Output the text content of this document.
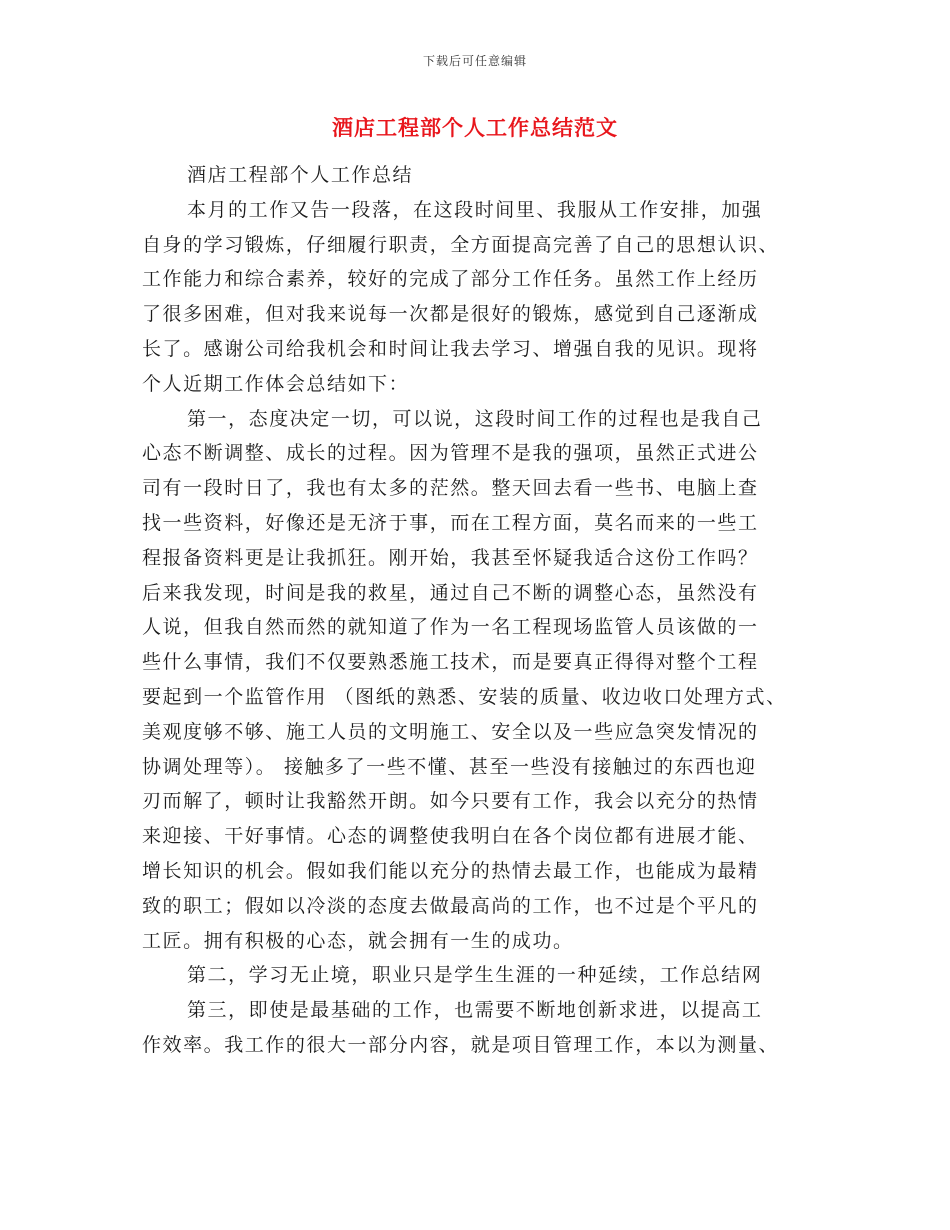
下载后可任意编辑
酒店工程部个人工作总结范文
酒店工程部个人工作总结
本月的工作又告一段落，在这段时间里、我服从工作安排，加强
自身的学习锻炼，仔细履行职责，全方面提高完善了自己的思想认识、
工作能力和综合素养，较好的完成了部分工作任务。虽然工作上经历
了很多困难，但对我来说每一次都是很好的锻炼，感觉到自己逐渐成
长了。感谢公司给我机会和时间让我去学习、增强自我的见识。现将
个人近期工作体会总结如下：
第一，态度决定一切，可以说，这段时间工作的过程也是我自己
心态不断调整、成长的过程。因为管理不是我的强项，虽然正式进公
司有一段时日了，我也有太多的茫然。整天回去看一些书、电脑上查
找一些资料，好像还是无济于事，而在工程方面，莫名而来的一些工
程报备资料更是让我抓狂。刚开始，我甚至怀疑我适合这份工作吗？
后来我发现，时间是我的救星，通过自己不断的调整心态，虽然没有
人说，但我自然而然的就知道了作为一名工程现场监管人员该做的一
些什么事情，我们不仅要熟悉施工技术，而是要真正得得对整个工程
要起到一个监管作用 （图纸的熟悉、安装的质量、收边收口处理方式、
美观度够不够、施工人员的文明施工、安全以及一些应急突发情况的
协调处理等）。 接触多了一些不懂、甚至一些没有接触过的东西也迎
刃而解了，顿时让我豁然开朗。如今只要有工作，我会以充分的热情
来迎接、干好事情。心态的调整使我明白在各个岗位都有进展才能、
增长知识的机会。假如我们能以充分的热情去最工作，也能成为最精
致的职工；假如以冷淡的态度去做最高尚的工作，也不过是个平凡的
工匠。拥有积极的心态，就会拥有一生的成功。
第二，学习无止境，职业只是学生生涯的一种延续，工作总结网
第三，即使是最基础的工作，也需要不断地创新求进，以提高工
作效率。我工作的很大一部分内容，就是项目管理工作，本以为测量、
